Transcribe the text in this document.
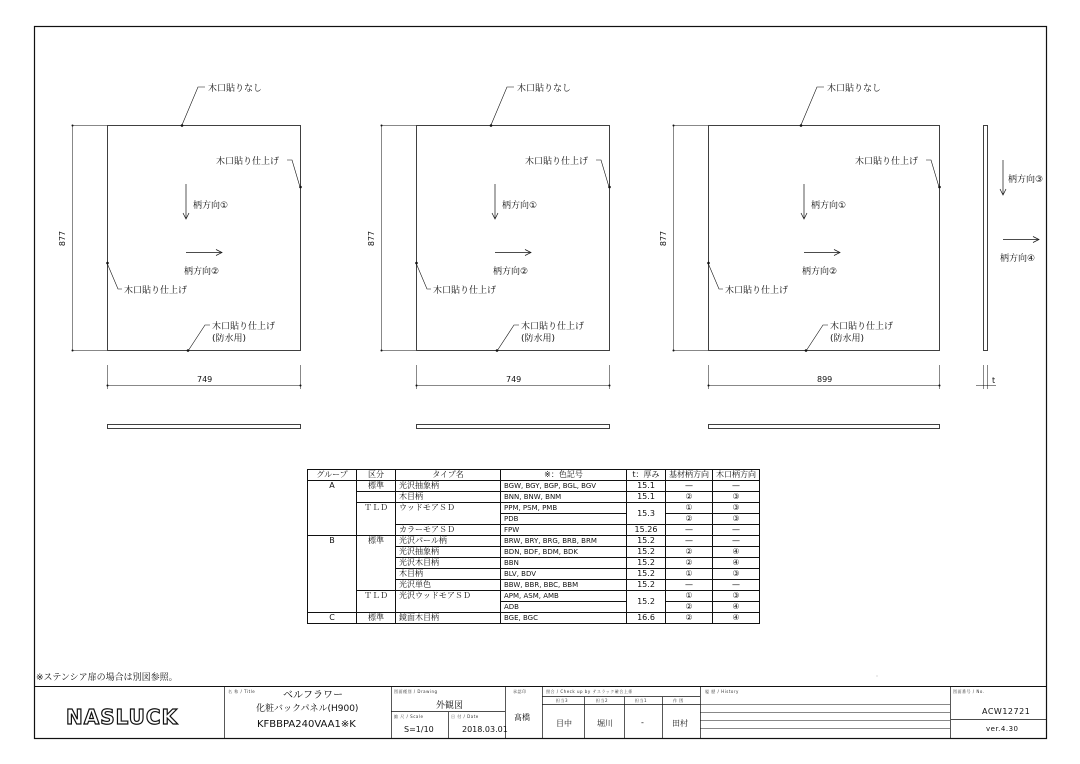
木口貼りなし
木口貼り仕上げ
柄方向①
柄方向②
木口貼り仕上げ
木口貼り仕上げ
(防水用)
877
749
木口貼りなし
木口貼り仕上げ
柄方向①
柄方向②
木口貼り仕上げ
木口貼り仕上げ
(防水用)
877
749
木口貼りなし
木口貼り仕上げ
柄方向①
柄方向②
木口貼り仕上げ
木口貼り仕上げ
(防水用)
877
899
柄方向③
柄方向④
t
グループ	区分	タイプ名	※：色記号	t：厚み	基材柄方向	木口柄方向
A	標準	光沢抽象柄	BGW, BGY, BGP, BGL, BGV	15.1	—	—
		木目柄	BNN, BNW, BNM	15.1	②	③
	ＴＬＤ	ウッドモアＳＤ	PPM, PSM, PMB	15.3	①	③
			PDB		②	③
		カラーモアＳＤ	FPW	15.26	—	—
B	標準	光沢パール柄	BRW, BRY, BRG, BRB, BRM	15.2	—	—
		光沢抽象柄	BDN, BDF, BDM, BDK	15.2	②	④
		光沢木目柄	BBN	15.2	②	④
		木目柄	BLV, BDV	15.2	①	③
		光沢単色	BBW, BBR, BBC, BBM	15.2	—	—
	ＴＬＤ	光沢ウッドモアＳＤ	APM, ASM, AMB	15.2	①	③
			ADB		②	④
C	標準	鏡面木目柄	BGE, BGC	16.6	②	④
※ステンシア扉の場合は別図参照。
NASLUCK
名 称 / Title	ベルフラワー
化粧バックパネル(H900)
KFBBPA240VAA1※K
図面種別 / Drawing
外観図
縮 尺 / Scale
S=1/10
日 付 / Date
2018.03.01
承認印
髙橋
照合 / Check up by テスラック確合上係
担当3	担当2	担当1	作 図
目中	堀川	-	田村
履 歴 / History	図面番号 / No.
ACW12721
ver.4.30
